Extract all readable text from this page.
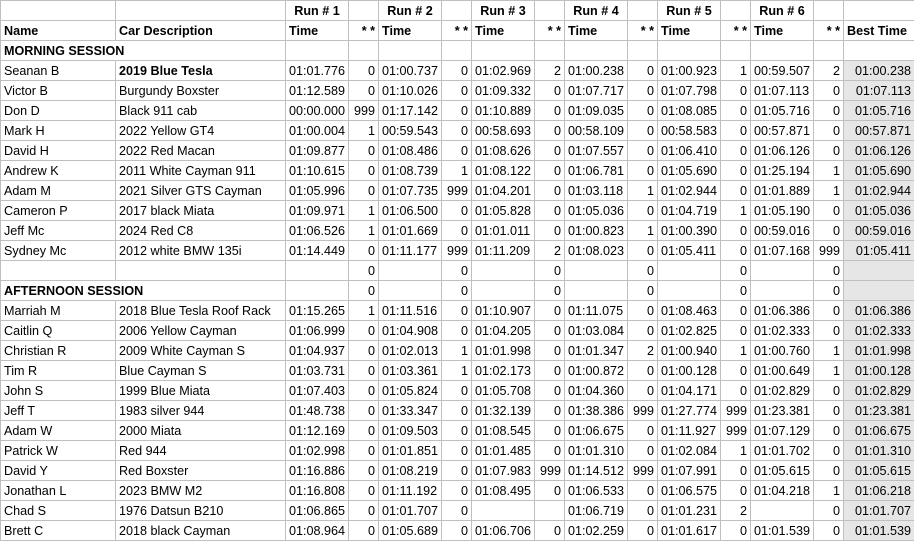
		Run # 1		Run # 2		Run # 3		Run # 4		Run # 5		Run # 6		
Name	Car Description	Time	* *	Time	* *	Time	* *	Time	* *	Time	* *	Time	* *	Best Time
MORNING SESSION														
Seanan B	2019 Blue Tesla	01:01.776	0	01:00.737	0	01:02.969	2	01:00.238	0	01:00.923	1	00:59.507	2	01:00.238
Victor B	Burgundy Boxster	01:12.589	0	01:10.026	0	01:09.332	0	01:07.717	0	01:07.798	0	01:07.113	0	01:07.113
Don D	Black 911 cab	00:00.000	999	01:17.142	0	01:10.889	0	01:09.035	0	01:08.085	0	01:05.716	0	01:05.716
Mark H	2022 Yellow GT4	01:00.004	1	00:59.543	0	00:58.693	0	00:58.109	0	00:58.583	0	00:57.871	0	00:57.871
David H	2022 Red Macan	01:09.877	0	01:08.486	0	01:08.626	0	01:07.557	0	01:06.410	0	01:06.126	0	01:06.126
Andrew K	2011 White Cayman 911	01:10.615	0	01:08.739	1	01:08.122	0	01:06.781	0	01:05.690	0	01:25.194	1	01:05.690
Adam M	2021 Silver GTS Cayman	01:05.996	0	01:07.735	999	01:04.201	0	01:03.118	1	01:02.944	0	01:01.889	1	01:02.944
Cameron P	2017 black Miata	01:09.971	1	01:06.500	0	01:05.828	0	01:05.036	0	01:04.719	1	01:05.190	0	01:05.036
Jeff Mc	2024 Red C8	01:06.526	1	01:01.669	0	01:01.011	0	01:00.823	1	01:00.390	0	00:59.016	0	00:59.016
Sydney Mc	2012 white BMW 135i	01:14.449	0	01:11.177	999	01:11.209	2	01:08.023	0	01:05.411	0	01:07.168	999	01:05.411
			0		0		0		0		0		0	
AFTERNOON SESSION			0		0		0		0		0		0	
Marriah M	2018 Blue Tesla Roof Rack	01:15.265	1	01:11.516	0	01:10.907	0	01:11.075	0	01:08.463	0	01:06.386	0	01:06.386
Caitlin Q	2006 Yellow Cayman	01:06.999	0	01:04.908	0	01:04.205	0	01:03.084	0	01:02.825	0	01:02.333	0	01:02.333
Christian R	2009 White Cayman S	01:04.937	0	01:02.013	1	01:01.998	0	01:01.347	2	01:00.940	1	01:00.760	1	01:01.998
Tim R	Blue Cayman S	01:03.731	0	01:03.361	1	01:02.173	0	01:00.872	0	01:00.128	0	01:00.649	1	01:00.128
John S	1999 Blue Miata	01:07.403	0	01:05.824	0	01:05.708	0	01:04.360	0	01:04.171	0	01:02.829	0	01:02.829
Jeff T	1983 silver 944	01:48.738	0	01:33.347	0	01:32.139	0	01:38.386	999	01:27.774	999	01:23.381	0	01:23.381
Adam W	2000 Miata	01:12.169	0	01:09.503	0	01:08.545	0	01:06.675	0	01:11.927	999	01:07.129	0	01:06.675
Patrick W	Red 944	01:02.998	0	01:01.851	0	01:01.485	0	01:01.310	0	01:02.084	1	01:01.702	0	01:01.310
David Y	Red Boxster	01:16.886	0	01:08.219	0	01:07.983	999	01:14.512	999	01:07.991	0	01:05.615	0	01:05.615
Jonathan L	2023 BMW M2	01:16.808	0	01:11.192	0	01:08.495	0	01:06.533	0	01:06.575	0	01:04.218	1	01:06.218
Chad S	1976 Datsun B210	01:06.865	0	01:01.707	0			01:06.719	0	01:01.231	2		0	01:01.707
Brett C	2018 black Cayman	01:08.964	0	01:05.689	0	01:06.706	0	01:02.259	0	01:01.617	0	01:01.539	0	01:01.539
